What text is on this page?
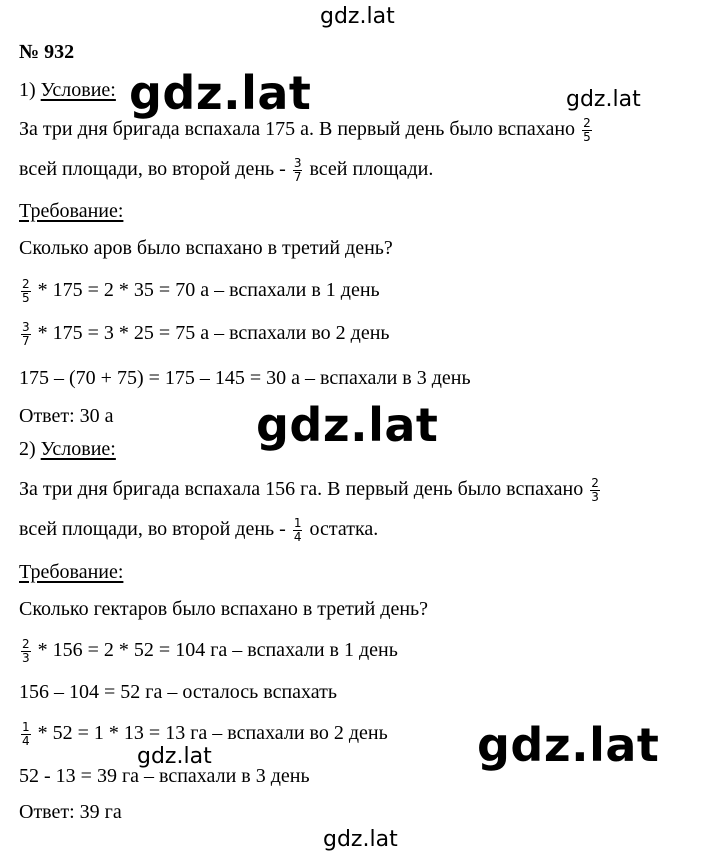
gdz.lat
gdz.lat	gdz.lat
gdz.lat
gdz.lat
gdz.lat
gdz.lat
№ 932
1) Условие:
За три дня бригада вспахала 175 а. В первый день было вспахано $\frac{2}{5}$
всей площади, во второй день - $\frac{3}{7}$ всей площади.
Требование:
Сколько аров было вспахано в третий день?
$\frac{2}{5} * 175 = 2 * 35 = 70$ а – вспахали в 1 день
$\frac{3}{7} * 175 = 3 * 25 = 75$ а – вспахали во 2 день
175 – (70 + 75) = 175 – 145 = 30 а – вспахали в 3 день
Ответ: 30 а
2) Условие:
За три дня бригада вспахала 156 га. В первый день было вспахано $\frac{2}{3}$
всей площади, во второй день - $\frac{1}{4}$ остатка.
Требование:
Сколько гектаров было вспахано в третий день?
$\frac{2}{3} * 156 = 2 * 52 = 104$ га – вспахали в 1 день
156 – 104 = 52 га – осталось вспахать
$\frac{1}{4} * 52 = 1 * 13 = 13$ га – вспахали во 2 день
52 - 13 = 39 га – вспахали в 3 день
Ответ: 39 га
